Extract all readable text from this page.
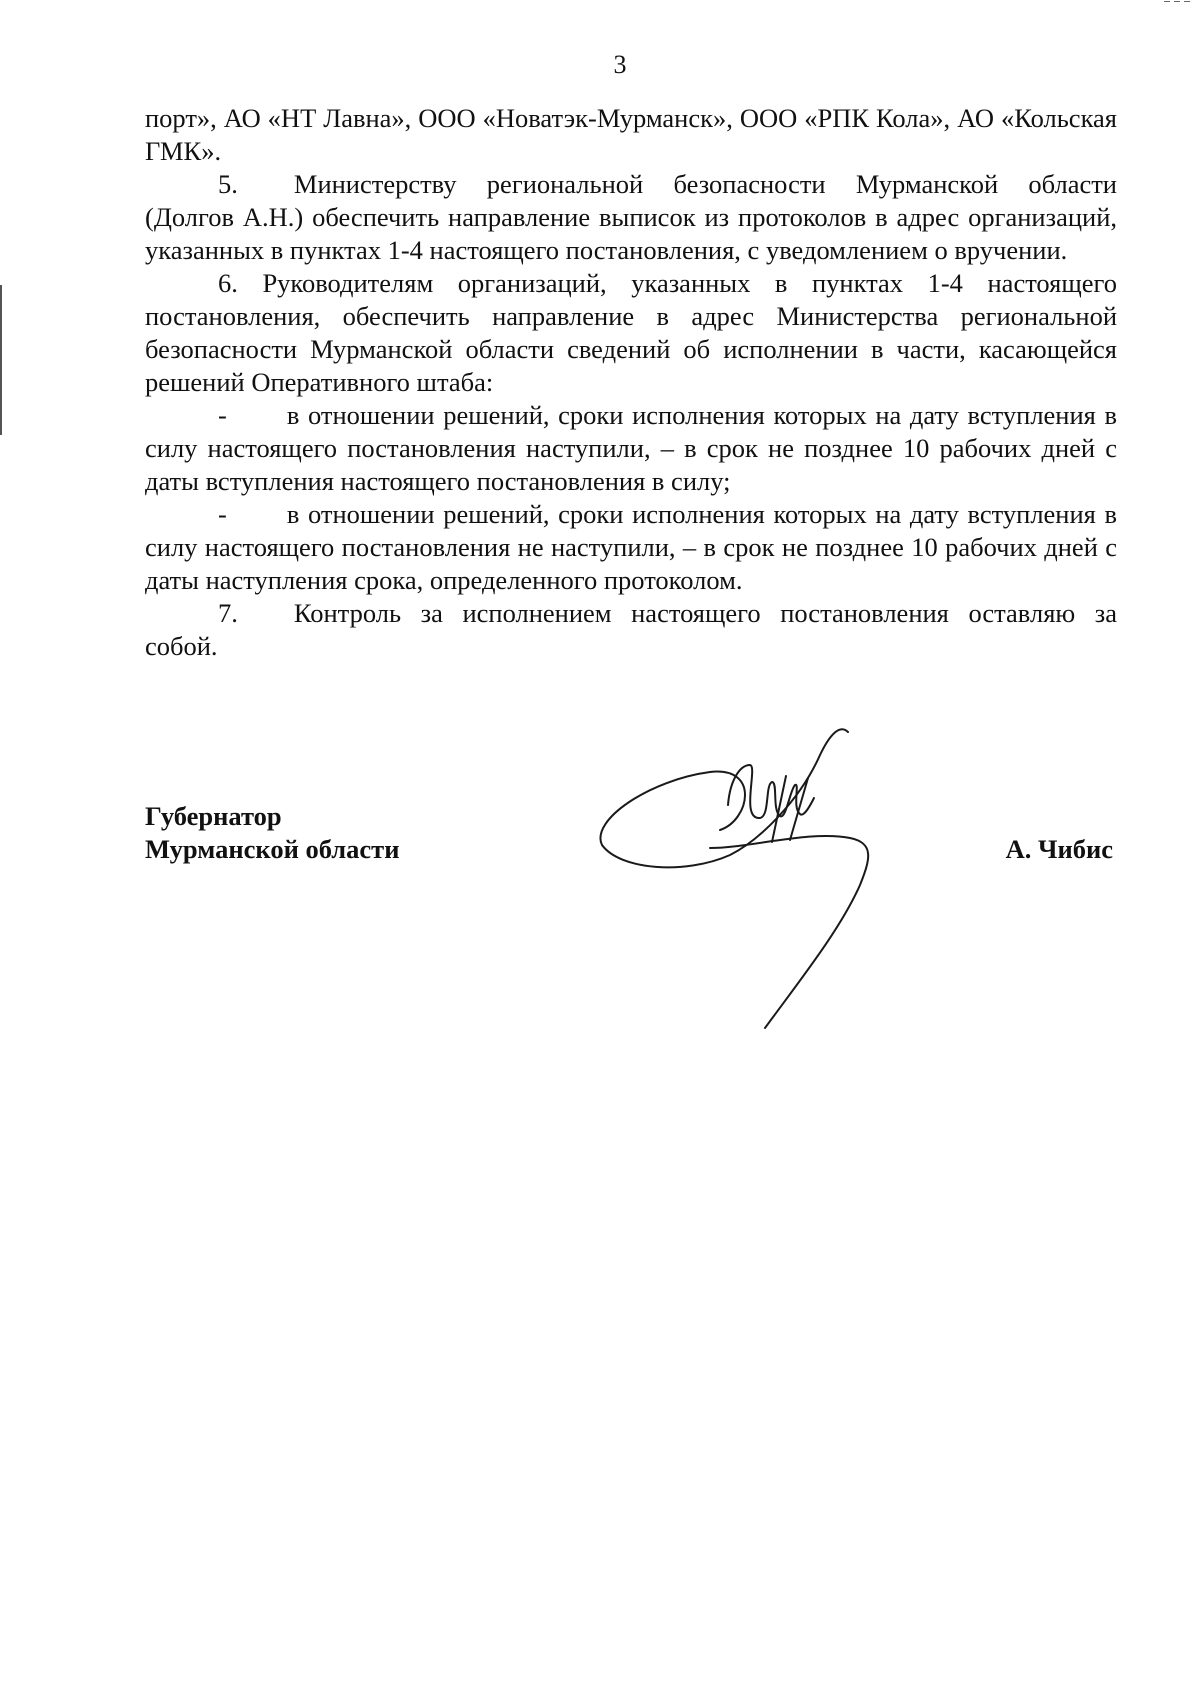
3

порт», АО «НТ Лавна», ООО «Новатэк-Мурманск», ООО «РПК Кола», АО «Кольская ГМК».

5. Министерству региональной безопасности Мурманской области (Долгов А.Н.) обеспечить направление выписок из протоколов в адрес организаций, указанных в пунктах 1-4 настоящего постановления, с уведомлением о вручении.

6. Руководителям организаций, указанных в пунктах 1-4 настоящего постановления, обеспечить направление в адрес Министерства региональной безопасности Мурманской области сведений об исполнении в части, касающейся решений Оперативного штаба:

- в отношении решений, сроки исполнения которых на дату вступления в силу настоящего постановления наступили, – в срок не позднее 10 рабочих дней с даты вступления настоящего постановления в силу;

- в отношении решений, сроки исполнения которых на дату вступления в силу настоящего постановления не наступили, – в срок не позднее 10 рабочих дней с даты наступления срока, определенного протоколом.

7. Контроль за исполнением настоящего постановления оставляю за собой.

Губернатор
Мурманской области	А. Чибис
